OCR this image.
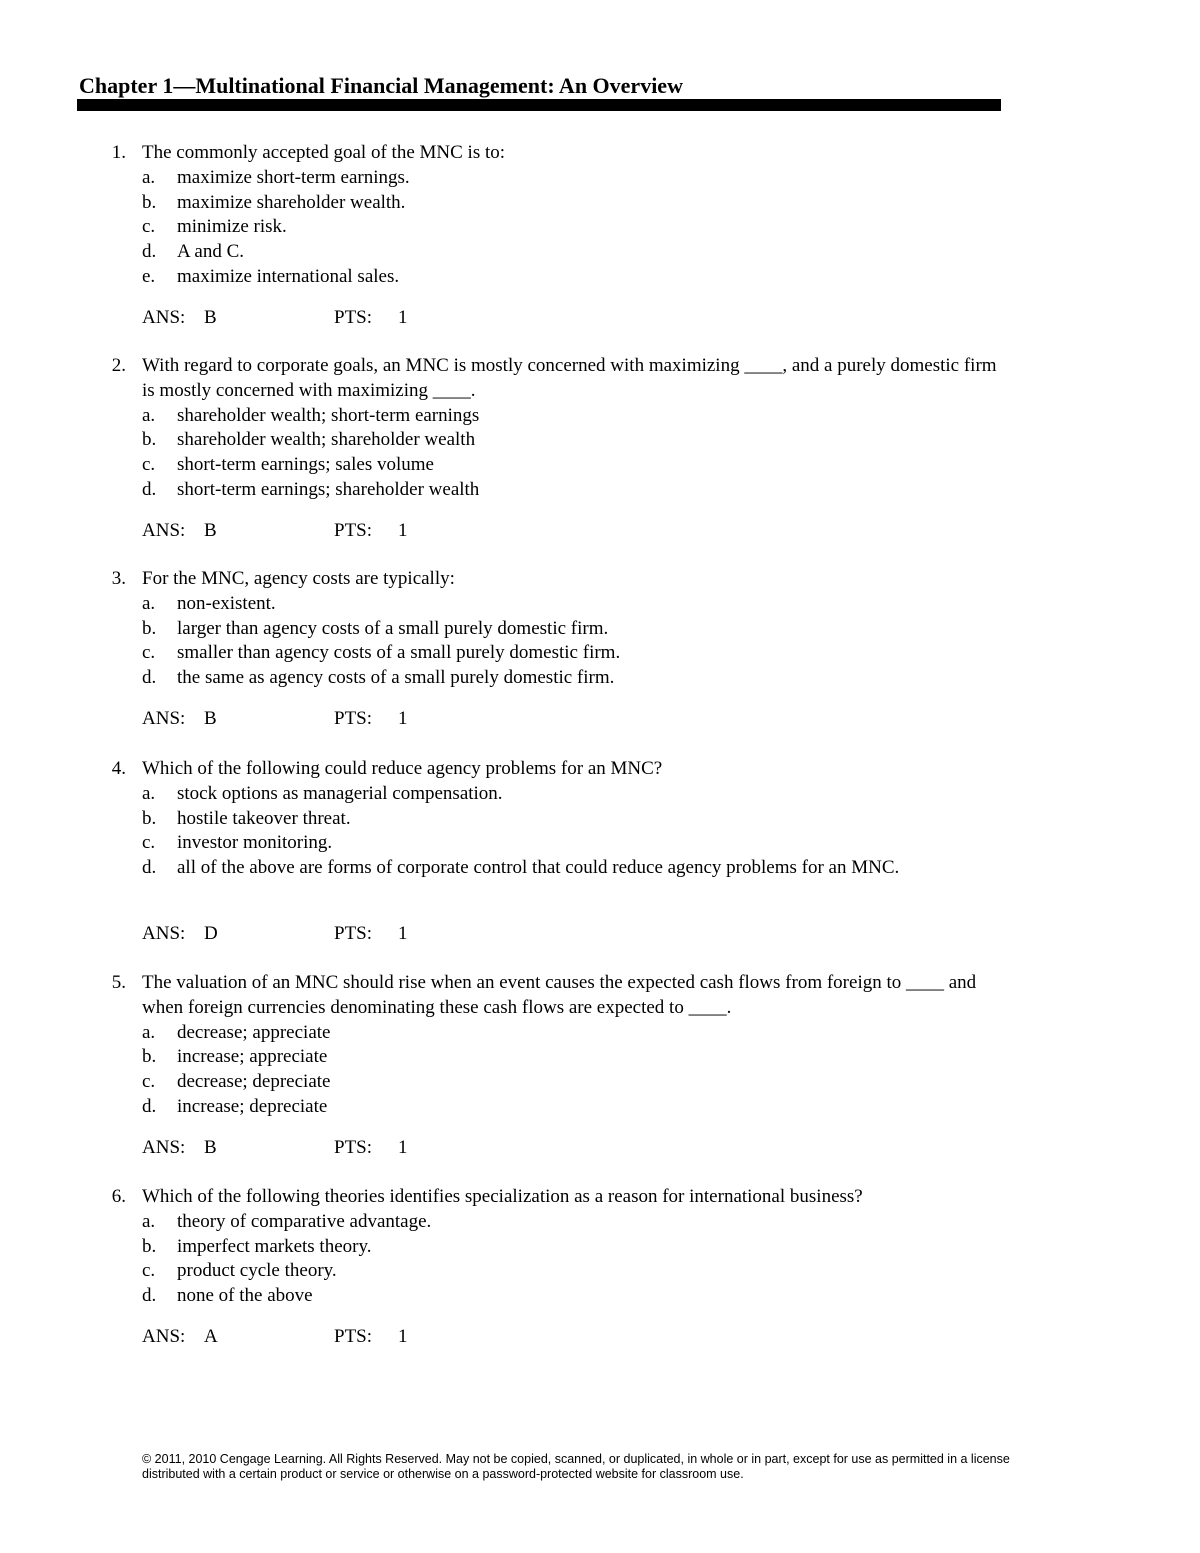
Chapter 1—Multinational Financial Management: An Overview
1. The commonly accepted goal of the MNC is to:
a.	maximize short-term earnings.
b.	maximize shareholder wealth.
c.	minimize risk.
d.	A and C.
e.	maximize international sales.
ANS: B	PTS: 1
2. With regard to corporate goals, an MNC is mostly concerned with maximizing ____, and a purely domestic firm is mostly concerned with maximizing ____.
a.	shareholder wealth; short-term earnings
b.	shareholder wealth; shareholder wealth
c.	short-term earnings; sales volume
d.	short-term earnings; shareholder wealth
ANS: B	PTS: 1
3. For the MNC, agency costs are typically:
a.	non-existent.
b.	larger than agency costs of a small purely domestic firm.
c.	smaller than agency costs of a small purely domestic firm.
d.	the same as agency costs of a small purely domestic firm.
ANS: B	PTS: 1
4. Which of the following could reduce agency problems for an MNC?
a.	stock options as managerial compensation.
b.	hostile takeover threat.
c.	investor monitoring.
d.	all of the above are forms of corporate control that could reduce agency problems for an MNC.
ANS: D	PTS: 1
5. The valuation of an MNC should rise when an event causes the expected cash flows from foreign to ____ and when foreign currencies denominating these cash flows are expected to ____.
a.	decrease; appreciate
b.	increase; appreciate
c.	decrease; depreciate
d.	increase; depreciate
ANS: B	PTS: 1
6. Which of the following theories identifies specialization as a reason for international business?
a.	theory of comparative advantage.
b.	imperfect markets theory.
c.	product cycle theory.
d.	none of the above
ANS: A	PTS: 1
© 2011, 2010 Cengage Learning. All Rights Reserved. May not be copied, scanned, or duplicated, in whole or in part, except for use as permitted in a license distributed with a certain product or service or otherwise on a password-protected website for classroom use.
